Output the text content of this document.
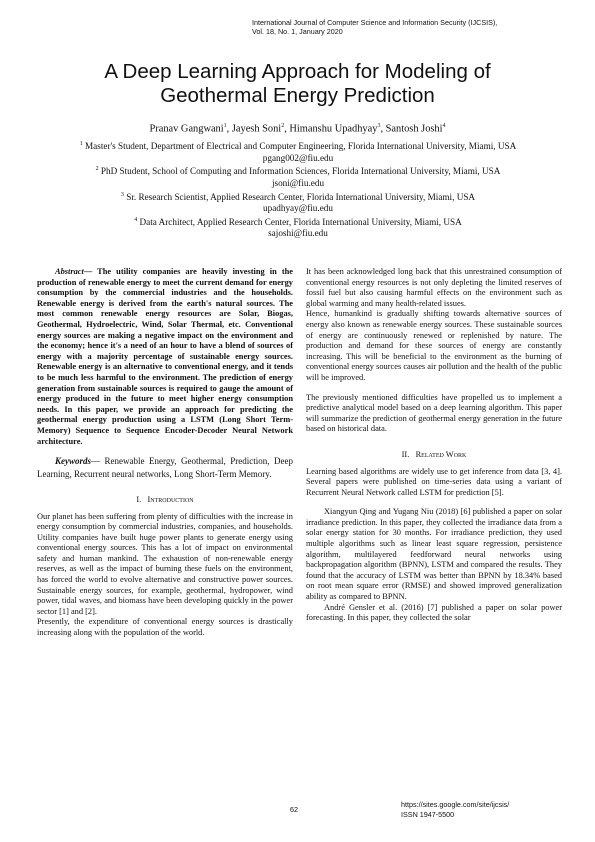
International Journal of Computer Science and Information Security (IJCSIS),
Vol. 18, No. 1, January 2020
A Deep Learning Approach for Modeling of
Geothermal Energy Prediction
Pranav Gangwani$^1$, Jayesh Soni$^2$, Himanshu Upadhyay$^3$, Santosh Joshi$^4$
$^1$ Master's Student, Department of Electrical and Computer Engineering, Florida International University, Miami, USA
pgang002@fiu.edu
$^2$ PhD Student, School of Computing and Information Sciences, Florida International University, Miami, USA
jsoni@fiu.edu
$^3$ Sr. Research Scientist, Applied Research Center, Florida International University, Miami, USA
upadhyay@fiu.edu
$^4$ Data Architect, Applied Research Center, Florida International University, Miami, USA
sajoshi@fiu.edu

Abstract— The utility companies are heavily investing in the production of renewable energy to meet the current demand for energy consumption by the commercial industries and the households. Renewable energy is derived from the earth's natural sources. The most common renewable energy resources are Solar, Biogas, Geothermal, Hydroelectric, Wind, Solar Thermal, etc. Conventional energy sources are making a negative impact on the environment and the economy; hence it's a need of an hour to have a blend of sources of energy with a majority percentage of sustainable energy sources. Renewable energy is an alternative to conventional energy, and it tends to be much less harmful to the environment. The prediction of energy generation from sustainable sources is required to gauge the amount of energy produced in the future to meet higher energy consumption needs. In this paper, we provide an approach for predicting the geothermal energy production using a LSTM (Long Short Term-Memory) Sequence to Sequence Encoder-Decoder Neural Network architecture.

Keywords— Renewable Energy, Geothermal, Prediction, Deep Learning, Recurrent neural networks, Long Short-Term Memory.

I. Introduction

Our planet has been suffering from plenty of difficulties with the increase in energy consumption by commercial industries, companies, and households. Utility companies have built huge power plants to generate energy using conventional energy sources. This has a lot of impact on environmental safety and human mankind. The exhaustion of non-renewable energy reserves, as well as the impact of burning these fuels on the environment, has forced the world to evolve alternative and constructive power sources. Sustainable energy sources, for example, geothermal, hydropower, wind power, tidal waves, and biomass have been developing quickly in the power sector [1] and [2].

Presently, the expenditure of conventional energy sources is drastically increasing along with the population of the world.

It has been acknowledged long back that this unrestrained consumption of conventional energy resources is not only depleting the limited reserves of fossil fuel but also causing harmful effects on the environment such as global warming and many health-related issues.

Hence, humankind is gradually shifting towards alternative sources of energy also known as renewable energy sources. These sustainable sources of energy are continuously renewed or replenished by nature. The production and demand for these sources of energy are constantly increasing. This will be beneficial to the environment as the burning of conventional energy sources causes air pollution and the health of the public will be improved.

The previously mentioned difficulties have propelled us to implement a predictive analytical model based on a deep learning algorithm. This paper will summarize the prediction of geothermal energy generation in the future based on historical data.

II. Related Work

Learning based algorithms are widely use to get inference from data [3, 4]. Several papers were published on time-series data using a variant of Recurrent Neural Network called LSTM for prediction [5].

Xiangyun Qing and Yugang Niu (2018) [6] published a paper on solar irradiance prediction. In this paper, they collected the irradiance data from a solar energy station for 30 months. For irradiance prediction, they used multiple algorithms such as linear least square regression, persistence algorithm, multilayered feedforward neural networks using backpropagation algorithm (BPNN), LSTM and compared the results. They found that the accuracy of LSTM was better than BPNN by 18.34% based on root mean square error (RMSE) and showed improved generalization ability as compared to BPNN.

André Gensler et al. (2016) [7] published a paper on solar power forecasting. In this paper, they collected the solar

62
https://sites.google.com/site/ijcsis/
ISSN 1947-5500
